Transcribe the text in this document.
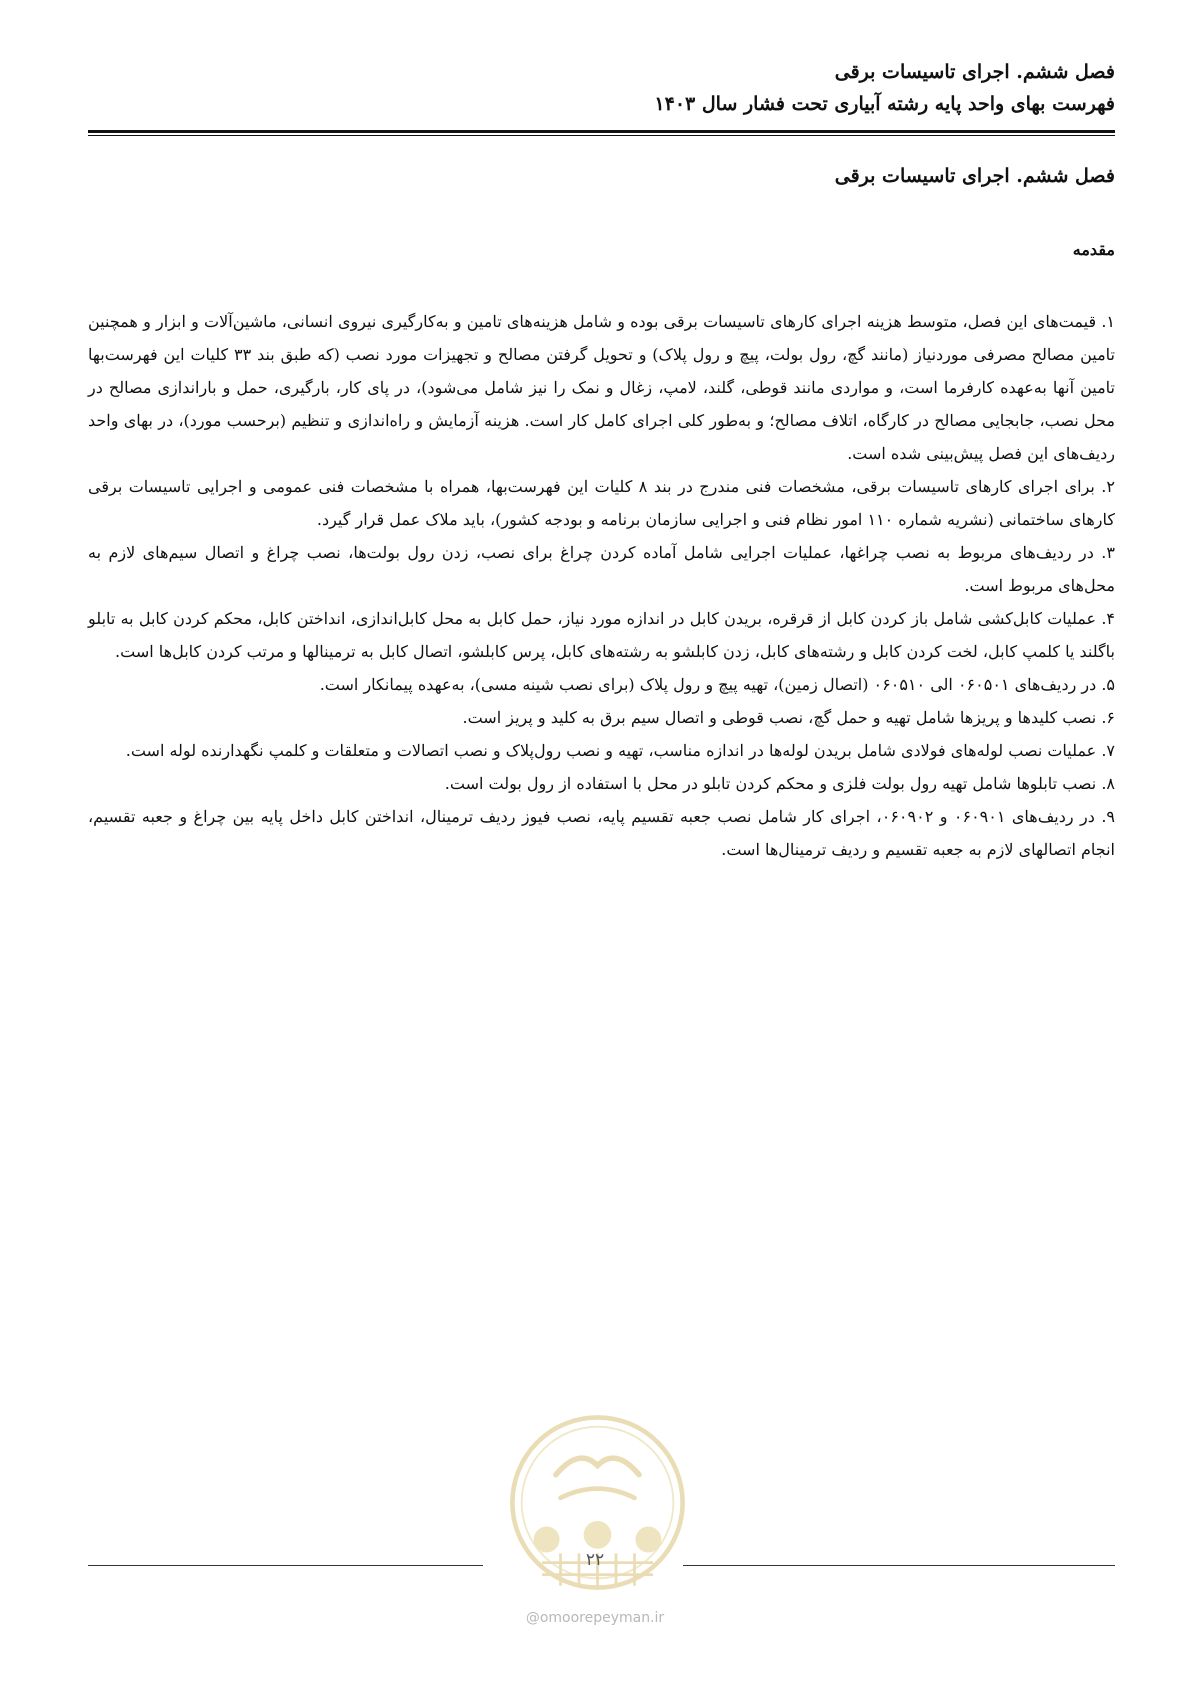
فصل ششم. اجرای تاسیسات برقی
فهرست بهای واحد پایه رشته آبیاری تحت فشار سال ۱۴۰۳
فصل ششم. اجرای تاسیسات برقی
مقدمه

۱. قیمت‌های این فصل، متوسط هزینه اجرای کارهای تاسیسات برقی بوده و شامل هزینه‌های تامین و به‌کارگیری نیروی انسانی، ماشین‌آلات و ابزار و همچنین تامین مصالح مصرفی موردنیاز (مانند گچ، رول بولت، پیچ و رول پلاک) و تحویل گرفتن مصالح و تجهیزات مورد نصب (که طبق بند ۳۳ کلیات این فهرست‌بها تامین آنها به‌عهده کارفرما است، و مواردی مانند قوطی، گلند، لامپ، زغال و نمک را نیز شامل می‌شود)، در پای کار، بارگیری، حمل و باراندازی مصالح در محل نصب، جابجایی مصالح در کارگاه، اتلاف مصالح؛ و به‌طور کلی اجرای کامل کار است. هزینه آزمایش و راه‌اندازی و تنظیم (برحسب مورد)، در بهای واحد ردیف‌های این فصل پیش‌بینی شده است.

۲. برای اجرای کارهای تاسیسات برقی، مشخصات فنی مندرج در بند ۸ کلیات این فهرست‌بها، همراه با مشخصات فنی عمومی و اجرایی تاسیسات برقی کارهای ساختمانی (نشریه شماره ۱۱۰ امور نظام فنی و اجرایی سازمان برنامه و بودجه کشور)، باید ملاک عمل قرار گیرد.

۳. در ردیف‌های مربوط به نصب چراغها، عملیات اجرایی شامل آماده کردن چراغ برای نصب، زدن رول بولت‌ها، نصب چراغ و اتصال سیم‌های لازم به محل‌های مربوط است.

۴. عملیات کابل‌کشی شامل باز کردن کابل از قرقره، بریدن کابل در اندازه مورد نیاز، حمل کابل به محل کابل‌اندازی، انداختن کابل، محکم کردن کابل به تابلو باگلند یا کلمپ کابل، لخت کردن کابل و رشته‌های کابل، زدن کابلشو به رشته‌های کابل، پرس کابلشو، اتصال کابل به ترمینالها و مرتب کردن کابل‌ها است.

۵. در ردیف‌های ۰۶۰۵۰۱ الی ۰۶۰۵۱۰ (اتصال زمین)، تهیه پیچ و رول پلاک (برای نصب شینه مسی)، به‌عهده پیمانکار است.

۶. نصب کلیدها و پریزها شامل تهیه و حمل گچ، نصب قوطی و اتصال سیم برق به کلید و پریز است.

۷. عملیات نصب لوله‌های فولادی شامل بریدن لوله‌ها در اندازه مناسب، تهیه و نصب رول‌پلاک و نصب اتصالات و متعلقات و کلمپ نگهدارنده لوله است.

۸. نصب تابلوها شامل تهیه رول بولت فلزی و محکم کردن تابلو در محل با استفاده از رول بولت است.

۹. در ردیف‌های ۰۶۰۹۰۱ و ۰۶۰۹۰۲، اجرای کار شامل نصب جعبه تقسیم پایه، نصب فیوز ردیف ترمینال، انداختن کابل داخل پایه بین چراغ و جعبه تقسیم، انجام اتصالهای لازم به جعبه تقسیم و ردیف ترمینال‌ها است.

۲۲
@omoorepeyman.ir
